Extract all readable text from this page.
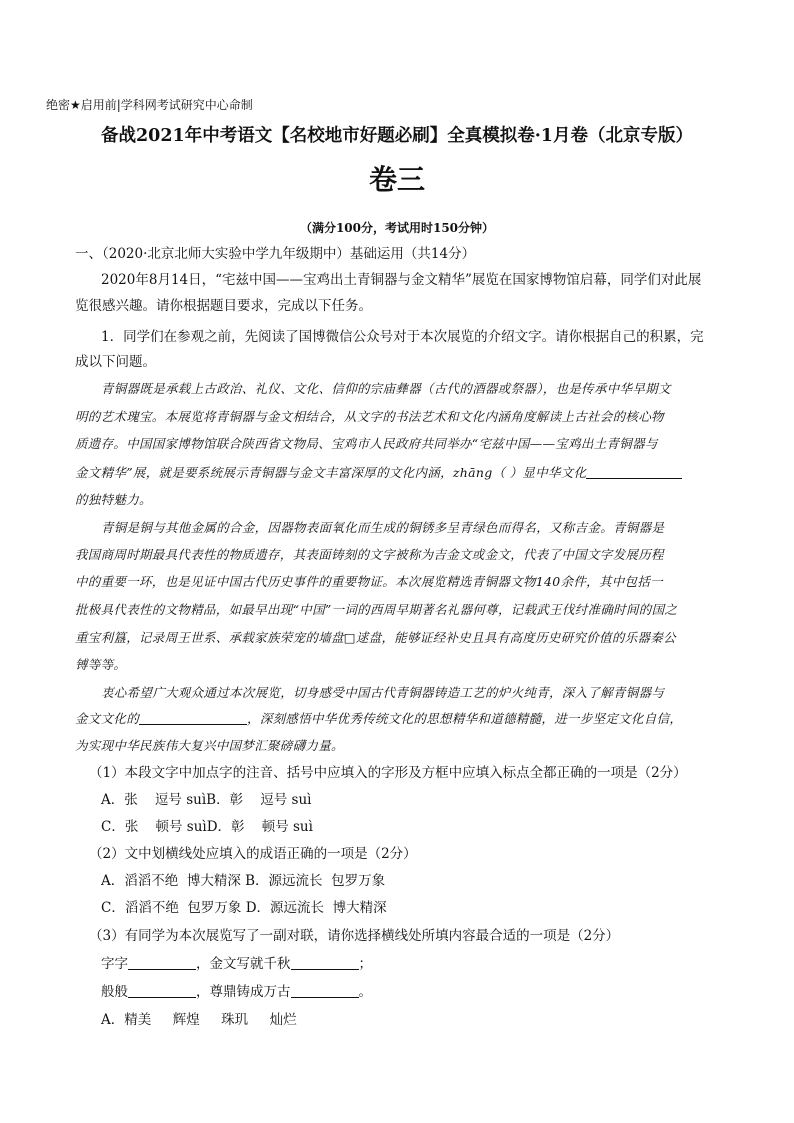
绝密★启用前|学科网考试研究中心命制
备战2021年中考语文【名校地市好题必刷】全真模拟卷·1月卷（北京专版）
卷三
（满分100分，考试用时150分钟）
一、（2020·北京北师大实验中学九年级期中）基础运用（共14分）
2020年8月14日，“宅兹中国——宝鸡出土青铜器与金文精华”展览在国家博物馆启幕，同学们对此展
览很感兴趣。请你根据题目要求，完成以下任务。
1．同学们在参观之前，先阅读了国博微信公众号对于本次展览的介绍文字。请你根据自己的积累，完
成以下问题。
青铜器既是承载上古政治、礼仪、文化、信仰的宗庙彝器（古代的酒器或祭器），也是传承中华早期文
明的艺术瑰宝。本展览将青铜器与金文相结合，从文字的书法艺术和文化内涵角度解读上古社会的核心物
质遗存。中国国家博物馆联合陕西省文物局、宝鸡市人民政府共同举办“宅兹中国——宝鸡出土青铜器与
金文精华”展，就是要系统展示青铜器与金文丰富深厚的文化内涵，zhāng（ ）显中华文化
的独特魅力。
青铜是铜与其他金属的合金，因器物表面氧化而生成的铜锈多呈青绿色而得名，又称吉金。青铜器是
我国商周时期最具代表性的物质遗存，其表面铸刻的文字被称为吉金文或金文，代表了中国文字发展历程
中的重要一环，也是见证中国古代历史事件的重要物证。本次展览精选青铜器文物140余件，其中包括一
批极具代表性的文物精品，如最早出现“中国”一词的西周早期著名礼器何尊，记载武王伐纣准确时间的国之
重宝利簋，记录周王世系、承载家族荣宠的墙盘□逑盘，能够证经补史且具有高度历史研究价值的乐器秦公
镈等等。
衷心希望广大观众通过本次展览，切身感受中国古代青铜器铸造工艺的炉火纯青，深入了解青铜器与
金文文化的	，深刻感悟中华优秀传统文化的思想精华和道德精髓，进一步坚定文化自信，
为实现中华民族伟大复兴中国梦汇聚磅礴力量。
（1）本段文字中加点字的注音、括号中应填入的字形及方框中应填入标点全都正确的一项是（2分）
A．张    逗号 suìB．彰    逗号 suì
C．张    顿号 suìD．彰    顿号 suì
（2）文中划横线处应填入的成语正确的一项是（2分）
A．滔滔不绝  博大精深 B．源远流长  包罗万象
C．滔滔不绝  包罗万象 D．源远流长  博大精深
（3）有同学为本次展览写了一副对联，请你选择横线处所填内容最合适的一项是（2分）
字字	，金文写就千秋	；
般般	，尊鼎铸成万古	。
A．精美     辉煌     珠玑     灿烂
